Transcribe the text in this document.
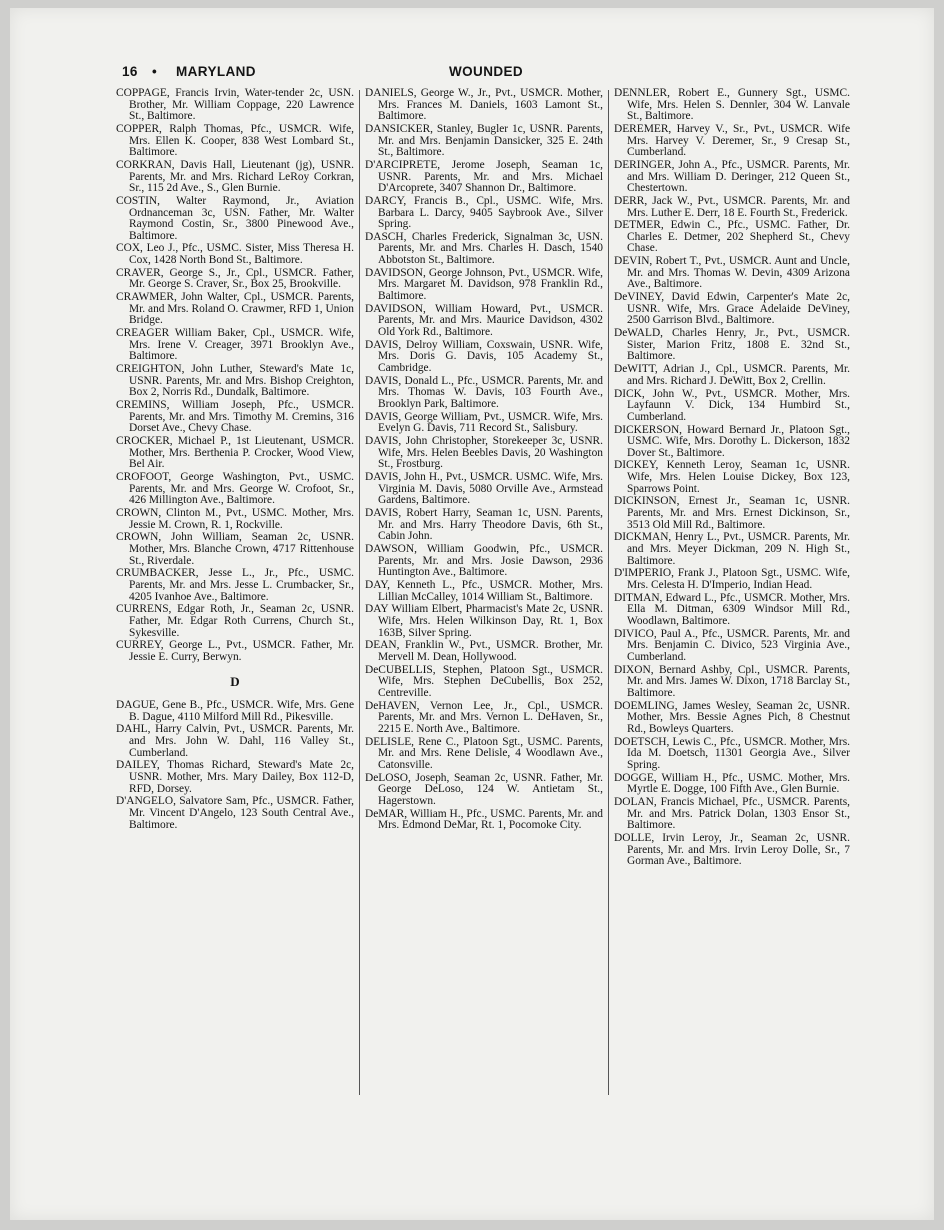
16 • MARYLAND	WOUNDED

COPPAGE, Francis Irvin, Water-tender 2c, USN. Brother, Mr. William Coppage, 220 Lawrence St., Baltimore.

COPPER, Ralph Thomas, Pfc., USMCR. Wife, Mrs. Ellen K. Cooper, 838 West Lombard St., Baltimore.

CORKRAN, Davis Hall, Lieutenant (jg), USNR. Parents, Mr. and Mrs. Richard LeRoy Corkran, Sr., 115 2d Ave., S., Glen Burnie.

COSTIN, Walter Raymond, Jr., Aviation Ordnanceman 3c, USN. Father, Mr. Walter Raymond Costin, Sr., 3800 Pinewood Ave., Baltimore.

COX, Leo J., Pfc., USMC. Sister, Miss Theresa H. Cox, 1428 North Bond St., Baltimore.

CRAVER, George S., Jr., Cpl., USMCR. Father, Mr. George S. Craver, Sr., Box 25, Brookville.

CRAWMER, John Walter, Cpl., USMCR. Parents, Mr. and Mrs. Roland O. Crawmer, RFD 1, Union Bridge.

CREAGER William Baker, Cpl., USMCR. Wife, Mrs. Irene V. Creager, 3971 Brooklyn Ave., Baltimore.

CREIGHTON, John Luther, Steward's Mate 1c, USNR. Parents, Mr. and Mrs. Bishop Creighton, Box 2, Norris Rd., Dundalk, Baltimore.

CREMINS, William Joseph, Pfc., USMCR. Parents, Mr. and Mrs. Timothy M. Cremins, 316 Dorset Ave., Chevy Chase.

CROCKER, Michael P., 1st Lieutenant, USMCR. Mother, Mrs. Berthenia P. Crocker, Wood View, Bel Air.

CROFOOT, George Washington, Pvt., USMC. Parents, Mr. and Mrs. George W. Crofoot, Sr., 426 Millington Ave., Baltimore.

CROWN, Clinton M., Pvt., USMC. Mother, Mrs. Jessie M. Crown, R. 1, Rockville.

CROWN, John William, Seaman 2c, USNR. Mother, Mrs. Blanche Crown, 4717 Rittenhouse St., Riverdale.

CRUMBACKER, Jesse L., Jr., Pfc., USMC. Parents, Mr. and Mrs. Jesse L. Crumbacker, Sr., 4205 Ivanhoe Ave., Baltimore.

CURRENS, Edgar Roth, Jr., Seaman 2c, USNR. Father, Mr. Edgar Roth Currens, Church St., Sykesville.

CURREY, George L., Pvt., USMCR. Father, Mr. Jessie E. Curry, Berwyn.

D

DAGUE, Gene B., Pfc., USMCR. Wife, Mrs. Gene B. Dague, 4110 Milford Mill Rd., Pikesville.

DAHL, Harry Calvin, Pvt., USMCR. Parents, Mr. and Mrs. John W. Dahl, 116 Valley St., Cumberland.

DAILEY, Thomas Richard, Steward's Mate 2c, USNR. Mother, Mrs. Mary Dailey, Box 112-D, RFD, Dorsey.

D'ANGELO, Salvatore Sam, Pfc., USMCR. Father, Mr. Vincent D'Angelo, 123 South Central Ave., Baltimore.

DANIELS, George W., Jr., Pvt., USMCR. Mother, Mrs. Frances M. Daniels, 1603 Lamont St., Baltimore.

DANSICKER, Stanley, Bugler 1c, USNR. Parents, Mr. and Mrs. Benjamin Dansicker, 325 E. 24th St., Baltimore.

D'ARCIPRETE, Jerome Joseph, Seaman 1c, USNR. Parents, Mr. and Mrs. Michael D'Arcoprete, 3407 Shannon Dr., Baltimore.

DARCY, Francis B., Cpl., USMC. Wife, Mrs. Barbara L. Darcy, 9405 Saybrook Ave., Silver Spring.

DASCH, Charles Frederick, Signalman 3c, USN. Parents, Mr. and Mrs. Charles H. Dasch, 1540 Abbotston St., Baltimore.

DAVIDSON, George Johnson, Pvt., USMCR. Wife, Mrs. Margaret M. Davidson, 978 Franklin Rd., Baltimore.

DAVIDSON, William Howard, Pvt., USMCR. Parents, Mr. and Mrs. Maurice Davidson, 4302 Old York Rd., Baltimore.

DAVIS, Delroy William, Coxswain, USNR. Wife, Mrs. Doris G. Davis, 105 Academy St., Cambridge.

DAVIS, Donald L., Pfc., USMCR. Parents, Mr. and Mrs. Thomas W. Davis, 103 Fourth Ave., Brooklyn Park, Baltimore.

DAVIS, George William, Pvt., USMCR. Wife, Mrs. Evelyn G. Davis, 711 Record St., Salisbury.

DAVIS, John Christopher, Storekeeper 3c, USNR. Wife, Mrs. Helen Beebles Davis, 20 Washington St., Frostburg.

DAVIS, John H., Pvt., USMCR. USMC. Wife, Mrs. Virginia M. Davis, 5080 Orville Ave., Armstead Gardens, Baltimore.

DAVIS, Robert Harry, Seaman 1c, USN. Parents, Mr. and Mrs. Harry Theodore Davis, 6th St., Cabin John.

DAWSON, William Goodwin, Pfc., USMCR. Parents, Mr. and Mrs. Josie Dawson, 2936 Huntington Ave., Baltimore.

DAY, Kenneth L., Pfc., USMCR. Mother, Mrs. Lillian McCalley, 1014 William St., Baltimore.

DAY William Elbert, Pharmacist's Mate 2c, USNR. Wife, Mrs. Helen Wilkinson Day, Rt. 1, Box 163B, Silver Spring.

DEAN, Franklin W., Pvt., USMCR. Brother, Mr. Mervell M. Dean, Hollywood.

DeCUBELLIS, Stephen, Platoon Sgt., USMCR. Wife, Mrs. Stephen DeCubellis, Box 252, Centreville.

DeHAVEN, Vernon Lee, Jr., Cpl., USMCR. Parents, Mr. and Mrs. Vernon L. DeHaven, Sr., 2215 E. North Ave., Baltimore.

DELISLE, Rene C., Platoon Sgt., USMC. Parents, Mr. and Mrs. Rene Delisle, 4 Woodlawn Ave., Catonsville.

DeLOSO, Joseph, Seaman 2c, USNR. Father, Mr. George DeLoso, 124 W. Antietam St., Hagerstown.

DeMAR, William H., Pfc., USMC. Parents, Mr. and Mrs. Edmond DeMar, Rt. 1, Pocomoke City.

DENNLER, Robert E., Gunnery Sgt., USMC. Wife, Mrs. Helen S. Dennler, 304 W. Lanvale St., Baltimore.

DEREMER, Harvey V., Sr., Pvt., USMCR. Wife Mrs. Harvey V. Deremer, Sr., 9 Cresap St., Cumberland.

DERINGER, John A., Pfc., USMCR. Parents, Mr. and Mrs. William D. Deringer, 212 Queen St., Chestertown.

DERR, Jack W., Pvt., USMCR. Parents, Mr. and Mrs. Luther E. Derr, 18 E. Fourth St., Frederick.

DETMER, Edwin C., Pfc., USMC. Father, Dr. Charles E. Detmer, 202 Shepherd St., Chevy Chase.

DEVIN, Robert T., Pvt., USMCR. Aunt and Uncle, Mr. and Mrs. Thomas W. Devin, 4309 Arizona Ave., Baltimore.

DeVINEY, David Edwin, Carpenter's Mate 2c, USNR. Wife, Mrs. Grace Adelaide DeViney, 2500 Garrison Blvd., Baltimore.

DeWALD, Charles Henry, Jr., Pvt., USMCR. Sister, Marion Fritz, 1808 E. 32nd St., Baltimore.

DeWITT, Adrian J., Cpl., USMCR. Parents, Mr. and Mrs. Richard J. DeWitt, Box 2, Crellin.

DICK, John W., Pvt., USMCR. Mother, Mrs. Layfaunn V. Dick, 134 Humbird St., Cumberland.

DICKERSON, Howard Bernard Jr., Platoon Sgt., USMC. Wife, Mrs. Dorothy L. Dickerson, 1832 Dover St., Baltimore.

DICKEY, Kenneth Leroy, Seaman 1c, USNR. Wife, Mrs. Helen Louise Dickey, Box 123, Sparrows Point.

DICKINSON, Ernest Jr., Seaman 1c, USNR. Parents, Mr. and Mrs. Ernest Dickinson, Sr., 3513 Old Mill Rd., Baltimore.

DICKMAN, Henry L., Pvt., USMCR. Parents, Mr. and Mrs. Meyer Dickman, 209 N. High St., Baltimore.

D'IMPERIO, Frank J., Platoon Sgt., USMC. Wife, Mrs. Celesta H. D'Imperio, Indian Head.

DITMAN, Edward L., Pfc., USMCR. Mother, Mrs. Ella M. Ditman, 6309 Windsor Mill Rd., Woodlawn, Baltimore.

DIVICO, Paul A., Pfc., USMCR. Parents, Mr. and Mrs. Benjamin C. Divico, 523 Virginia Ave., Cumberland.

DIXON, Bernard Ashby, Cpl., USMCR. Parents, Mr. and Mrs. James W. Dixon, 1718 Barclay St., Baltimore.

DOEMLING, James Wesley, Seaman 2c, USNR. Mother, Mrs. Bessie Agnes Pich, 8 Chestnut Rd., Bowleys Quarters.

DOETSCH, Lewis C., Pfc., USMCR. Mother, Mrs. Ida M. Doetsch, 11301 Georgia Ave., Silver Spring.

DOGGE, William H., Pfc., USMC. Mother, Mrs. Myrtle E. Dogge, 100 Fifth Ave., Glen Burnie.

DOLAN, Francis Michael, Pfc., USMCR. Parents, Mr. and Mrs. Patrick Dolan, 1303 Ensor St., Baltimore.

DOLLE, Irvin Leroy, Jr., Seaman 2c, USNR. Parents, Mr. and Mrs. Irvin Leroy Dolle, Sr., 7 Gorman Ave., Baltimore.
